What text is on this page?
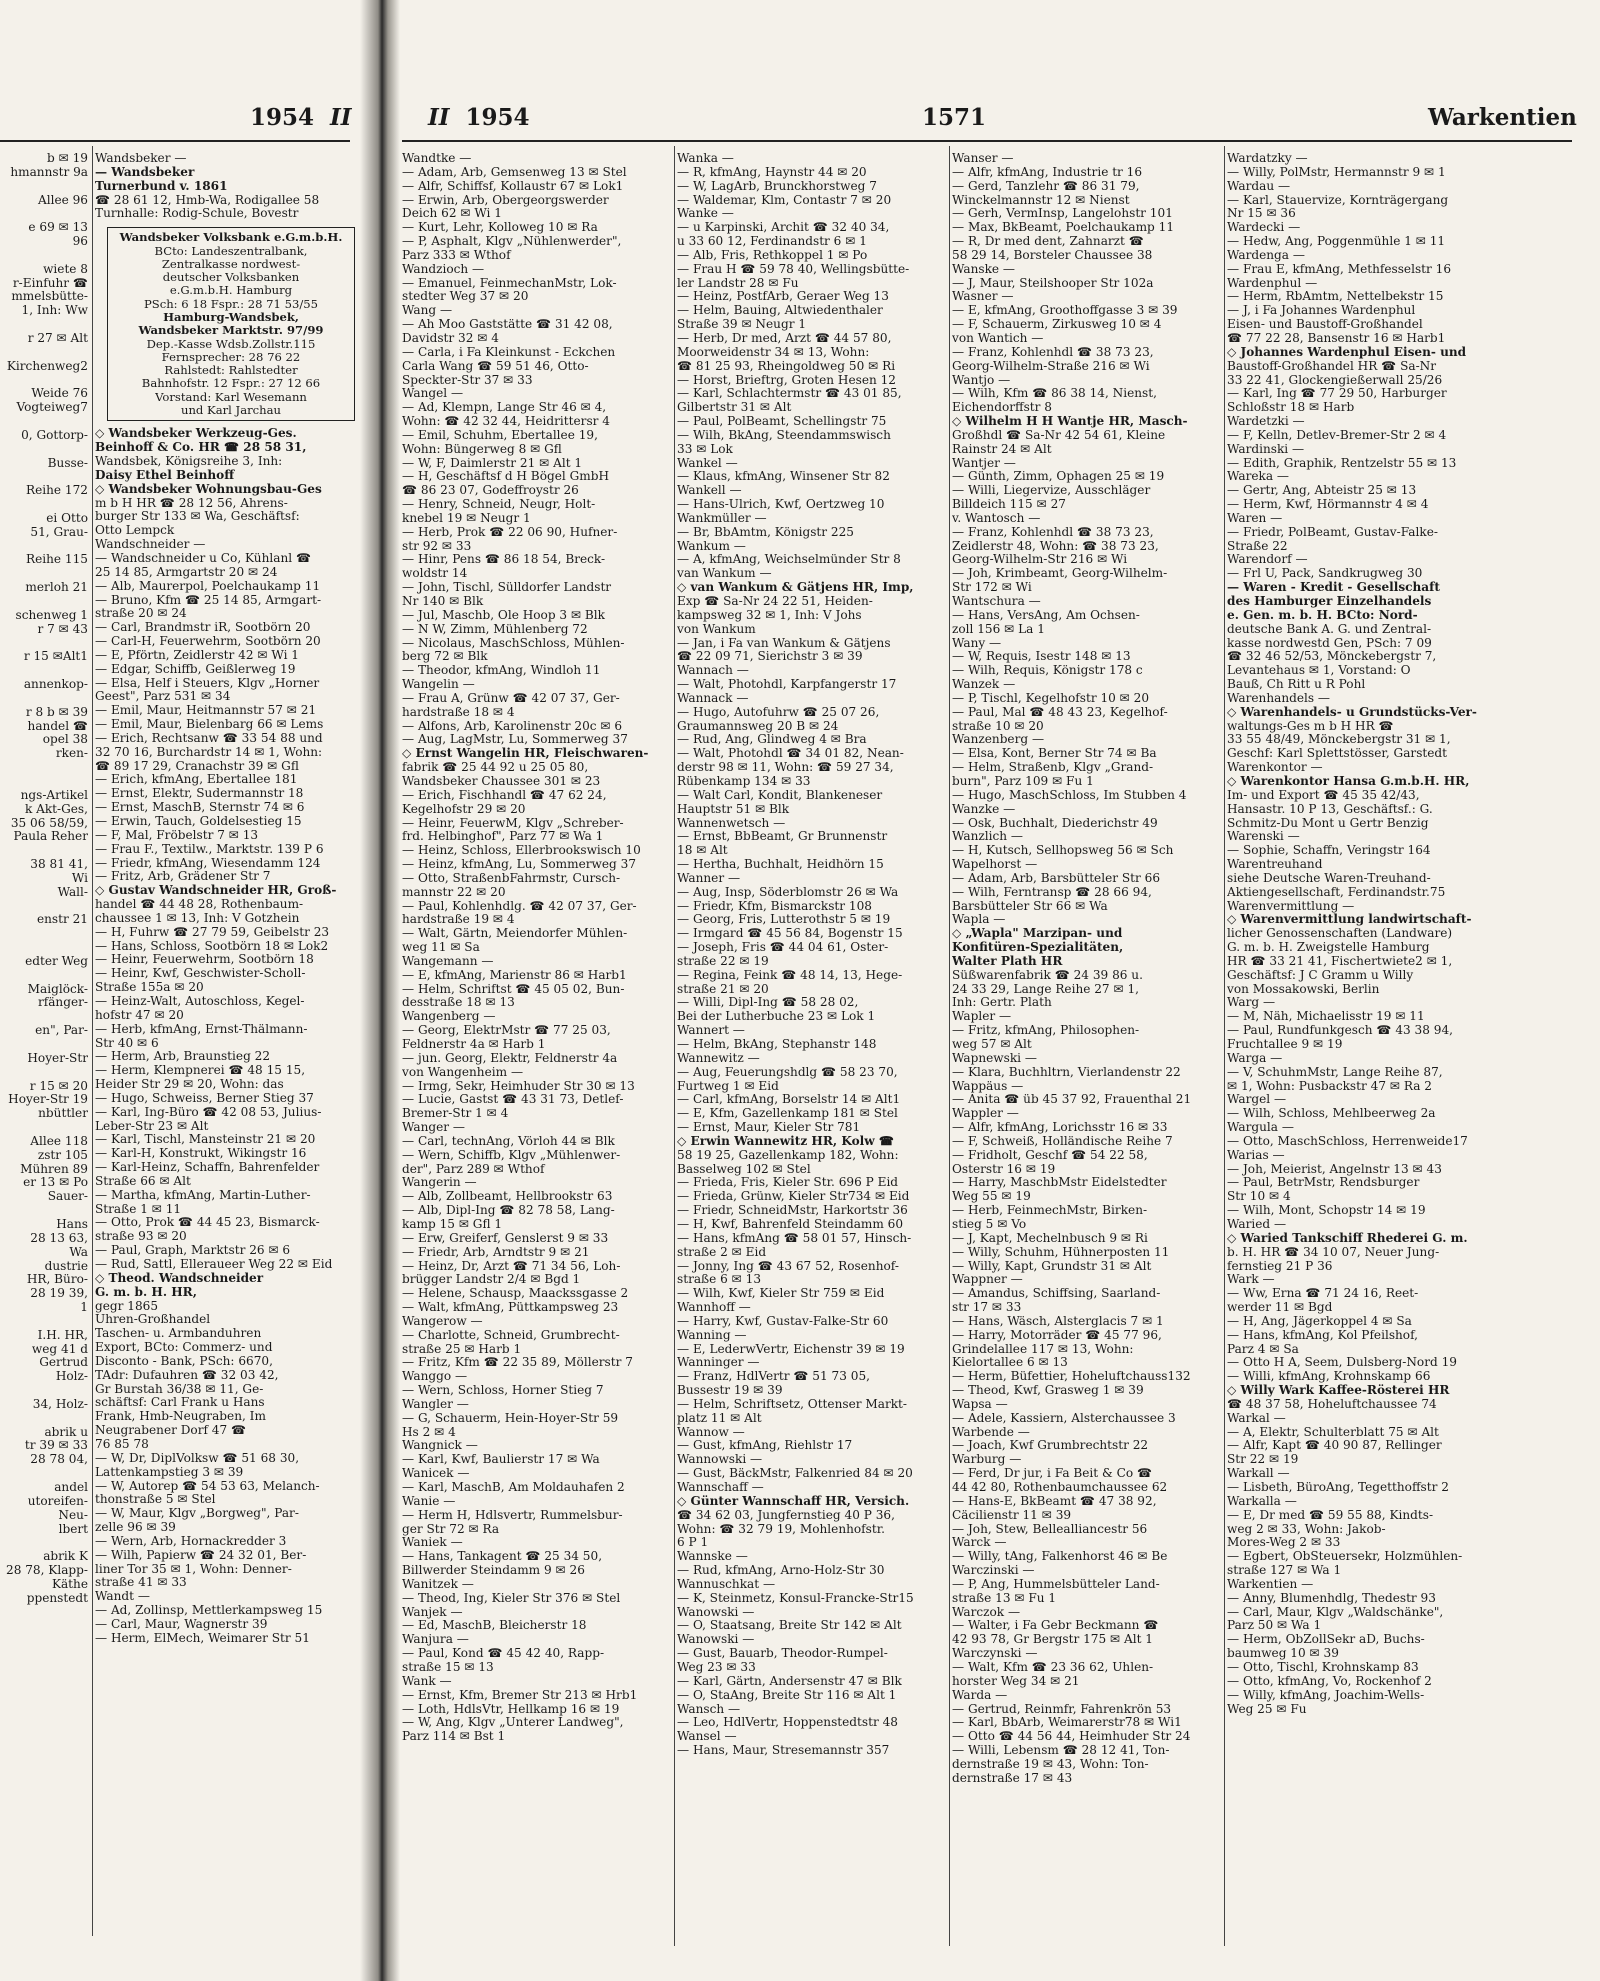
1954 II
b ✉ 19
hmannstr 9a

Allee 96

e 69 ✉ 13
96

wiete 8
r-Einfuhr ☎
mmelsbütte-
1, Inh: Ww

r 27 ✉ Alt

Kirchenweg2

Weide 76
Vogteiweg7

0, Gottorp-

Busse-

Reihe 172

ei Otto
51, Grau-

Reihe 115

merloh 21

schenweg 1
r 7 ✉ 43

r 15 ✉Alt1

annenkop-

r 8 b ✉ 39
handel ☎
opel 38
rken-

ngs-Artikel
k Akt-Ges,
35 06 58/59,
Paula Reher

38 81 41,
Wi
Wall-

enstr 21

edter Weg

Maiglöck-
rfänger-

en", Par-

Hoyer-Str

r 15 ✉ 20
Hoyer-Str 19
nbüttler

Allee 118
zstr 105
Mühren 89
er 13 ✉ Po
Sauer-

Hans
28 13 63,
Wa
dustrie
HR, Büro-
28 19 39,
1

I.H. HR,
weg 41 d
Gertrud
Holz-

34, Holz-

abrik u
tr 39 ✉ 33
28 78 04,

andel
utoreifen-
Neu-
lbert

abrik K
28 78, Klapp-
Käthe
ppenstedt
Wandsbeker —
— Wandsbeker
Turnerbund v. 1861
☎ 28 61 12, Hmb-Wa, Rodigallee 58
Turnhalle: Rodig-Schule, Bovestr
Wandsbeker Volksbank e.G.m.b.H.
BCto: Landeszentralbank,
Zentralkasse nordwest-
deutscher Volksbanken
e.G.m.b.H. Hamburg
PSch: 6 18 Fspr.: 28 71 53/55
Hamburg-Wandsbek,
Wandsbeker Marktstr. 97/99
Dep.-Kasse Wdsb.Zollstr.115
Fernsprecher: 28 76 22
Rahlstedt: Rahlstedter
Bahnhofstr. 12 Fspr.: 27 12 66
Vorstand: Karl Wesemann
und Karl Jarchau
◇ Wandsbeker Werkzeug-Ges.
Beinhoff & Co. HR ☎ 28 58 31,
Wandsbek, Königsreihe 3, Inh:
Daisy Ethel Beinhoff
◇ Wandsbeker Wohnungsbau-Ges
m b H HR ☎ 28 12 56, Ahrens-
burger Str 133 ✉ Wa, Geschäftsf:
Otto Lempck
Wandschneider —
— Wandschneider u Co, Kühlanl ☎
25 14 85, Armgartstr 20 ✉ 24
— Alb, Maurerpol, Poelchaukamp 11
— Bruno, Kfm ☎ 25 14 85, Armgart-
straße 20 ✉ 24
— Carl, Brandmstr iR, Sootbörn 20
— Carl-H, Feuerwehrm, Sootbörn 20
— E, Pförtn, Zeidlerstr 42 ✉ Wi 1
— Edgar, Schiffb, Geißlerweg 19
— Elsa, Helf i Steuers, Klgv „Horner
Geest", Parz 531 ✉ 34
— Emil, Maur, Heitmannstr 57 ✉ 21
— Emil, Maur, Bielenbarg 66 ✉ Lems
— Erich, Rechtsanw ☎ 33 54 88 und
32 70 16, Burchardstr 14 ✉ 1, Wohn:
☎ 89 17 29, Cranachstr 39 ✉ Gfl
— Erich, kfmAng, Ebertallee 181
— Ernst, Elektr, Sudermannstr 18
— Ernst, MaschB, Sternstr 74 ✉ 6
— Erwin, Tauch, Goldelsestieg 15
— F, Mal, Fröbelstr 7 ✉ 13
— Frau F., Textilw., Marktstr. 139 P 6
— Friedr, kfmAng, Wiesendamm 124
— Fritz, Arb, Grädener Str 7
◇ Gustav Wandschneider HR, Groß-
handel ☎ 44 48 28, Rothenbaum-
chaussee 1 ✉ 13, Inh: V Gotzhein
— H, Fuhrw ☎ 27 79 59, Geibelstr 23
— Hans, Schloss, Sootbörn 18 ✉ Lok2
— Heinr, Feuerwehrm, Sootbörn 18
— Heinr, Kwf, Geschwister-Scholl-
Straße 155a ✉ 20
— Heinz-Walt, Autoschloss, Kegel-
hofstr 47 ✉ 20
— Herb, kfmAng, Ernst-Thälmann-
Str 40 ✉ 6
— Herm, Arb, Braunstieg 22
— Herm, Klempnerei ☎ 48 15 15,
Heider Str 29 ✉ 20, Wohn: das
— Hugo, Schweiss, Berner Stieg 37
— Karl, Ing-Büro ☎ 42 08 53, Julius-
Leber-Str 23 ✉ Alt
— Karl, Tischl, Mansteinstr 21 ✉ 20
— Karl-H, Konstrukt, Wikingstr 16
— Karl-Heinz, Schaffn, Bahrenfelder
Straße 66 ✉ Alt
— Martha, kfmAng, Martin-Luther-
Straße 1 ✉ 11
— Otto, Prok ☎ 44 45 23, Bismarck-
straße 93 ✉ 20
— Paul, Graph, Marktstr 26 ✉ 6
— Rud, Sattl, Elleraueer Weg 22 ✉ Eid
◇ Theod. Wandschneider
G. m. b. H. HR,
gegr 1865
Uhren-Großhandel
Taschen- u. Armbanduhren
Export, BCto: Commerz- und
Disconto - Bank, PSch: 6670,
TAdr: Dufauhren ☎ 32 03 42,
Gr Burstah 36/38 ✉ 11, Ge-
schäftsf: Carl Frank u Hans
Frank, Hmb-Neugraben, Im
Neugrabener Dorf 47 ☎
76 85 78
— W, Dr, DiplVolksw ☎ 51 68 30,
Lattenkampstieg 3 ✉ 39
— W, Autorep ☎ 54 53 63, Melanch-
thonstraße 5 ✉ Stel
— W, Maur, Klgv „Borgweg", Par-
zelle 96 ✉ 39
— Wern, Arb, Hornackredder 3
— Wilh, Papierw ☎ 24 32 01, Ber-
liner Tor 35 ✉ 1, Wohn: Denner-
straße 41 ✉ 33
Wandt —
— Ad, Zollinsp, Mettlerkampsweg 15
— Carl, Maur, Wagnerstr 39
— Herm, ElMech, Weimarer Str 51
II 1954	1571	Warkentien
Wandtke —
— Adam, Arb, Gemsenweg 13 ✉ Stel
— Alfr, Schiffsf, Kollaustr 67 ✉ Lok1
— Erwin, Arb, Obergeorgswerder
Deich 62 ✉ Wi 1
— Kurt, Lehr, Kolloweg 10 ✉ Ra
— P, Asphalt, Klgv „Nühlenwerder",
Parz 333 ✉ Wthof
Wandzioch —
— Emanuel, FeinmechanMstr, Lok-
stedter Weg 37 ✉ 20
Wang —
— Ah Moo Gaststätte ☎ 31 42 08,
Davidstr 32 ✉ 4
— Carla, i Fa Kleinkunst - Eckchen
Carla Wang ☎ 59 51 46, Otto-
Speckter-Str 37 ✉ 33
Wangel —
— Ad, Klempn, Lange Str 46 ✉ 4,
Wohn: ☎ 42 32 44, Heidrittersr 4
— Emil, Schuhm, Ebertallee 19,
Wohn: Büngerweg 8 ✉ Gfl
— W, F, Daimlerstr 21 ✉ Alt 1
— H, Geschäftsf d H Bögel GmbH
☎ 86 23 07, Godeffroystr 26
— Henry, Schneid, Neugr, Holt-
knebel 19 ✉ Neugr 1
— Herb, Prok ☎ 22 06 90, Hufner-
str 92 ✉ 33
— Hinr, Pens ☎ 86 18 54, Breck-
woldstr 14
— John, Tischl, Sülldorfer Landstr
Nr 140 ✉ Blk
— Jul, Maschb, Ole Hoop 3 ✉ Blk
— N W, Zimm, Mühlenberg 72
— Nicolaus, MaschSchloss, Mühlen-
berg 72 ✉ Blk
— Theodor, kfmAng, Windloh 11
Wangelin —
— Frau A, Grünw ☎ 42 07 37, Ger-
hardstraße 18 ✉ 4
— Alfons, Arb, Karolinenstr 20c ✉ 6
— Aug, LagMstr, Lu, Sommerweg 37
◇ Ernst Wangelin HR, Fleischwaren-
fabrik ☎ 25 44 92 u 25 05 80,
Wandsbeker Chaussee 301 ✉ 23
— Erich, Fischhandl ☎ 47 62 24,
Kegelhofstr 29 ✉ 20
— Heinr, FeuerwM, Klgv „Schreber-
frd. Helbinghof", Parz 77 ✉ Wa 1
— Heinz, Schloss, Ellerbrookswisch 10
— Heinz, kfmAng, Lu, Sommerweg 37
— Otto, StraßenbFahrmstr, Cursch-
mannstr 22 ✉ 20
— Paul, Kohlenhdlg. ☎ 42 07 37, Ger-
hardstraße 19 ✉ 4
— Walt, Gärtn, Meiendorfer Mühlen-
weg 11 ✉ Sa
Wangemann —
— E, kfmAng, Marienstr 86 ✉ Harb1
— Helm, Schriftst ☎ 45 05 02, Bun-
desstraße 18 ✉ 13
Wangenberg —
— Georg, ElektrMstr ☎ 77 25 03,
Feldnerstr 4a ✉ Harb 1
— jun. Georg, Elektr, Feldnerstr 4a
von Wangenheim —
— Irmg, Sekr, Heimhuder Str 30 ✉ 13
— Lucie, Gastst ☎ 43 31 73, Detlef-
Bremer-Str 1 ✉ 4
Wanger —
— Carl, technAng, Vörloh 44 ✉ Blk
— Wern, Schiffb, Klgv „Mühlenwer-
der", Parz 289 ✉ Wthof
Wangerin —
— Alb, Zollbeamt, Hellbrookstr 63
— Alb, Dipl-Ing ☎ 82 78 58, Lang-
kamp 15 ✉ Gfl 1
— Erw, Greiferf, Genslerst 9 ✉ 33
— Friedr, Arb, Arndtstr 9 ✉ 21
— Heinz, Dr, Arzt ☎ 71 34 56, Loh-
brügger Landstr 2/4 ✉ Bgd 1
— Helene, Schausp, Maackssgasse 2
— Walt, kfmAng, Püttkampsweg 23
Wangerow —
— Charlotte, Schneid, Grumbrecht-
straße 25 ✉ Harb 1
— Fritz, Kfm ☎ 22 35 89, Möllerstr 7
Wanggo —
— Wern, Schloss, Horner Stieg 7
Wangler —
— G, Schauerm, Hein-Hoyer-Str 59
Hs 2 ✉ 4
Wangnick —
— Karl, Kwf, Baulierstr 17 ✉ Wa
Wanicek —
— Karl, MaschB, Am Moldauhafen 2
Wanie —
— Herm H, Hdlsvertr, Rummelsbur-
ger Str 72 ✉ Ra
Waniek —
— Hans, Tankagent ☎ 25 34 50,
Billwerder Steindamm 9 ✉ 26
Wanitzek —
— Theod, Ing, Kieler Str 376 ✉ Stel
Wanjek —
— Ed, MaschB, Bleicherstr 18
Wanjura —
— Paul, Kond ☎ 45 42 40, Rapp-
straße 15 ✉ 13
Wank —
— Ernst, Kfm, Bremer Str 213 ✉ Hrb1
— Loth, HdlsVtr, Hellkamp 16 ✉ 19
— W, Ang, Klgv „Unterer Landweg",
Parz 114 ✉ Bst 1
Wanka —
— R, kfmAng, Haynstr 44 ✉ 20
— W, LagArb, Brunckhorstweg 7
— Waldemar, Klm, Contastr 7 ✉ 20
Wanke —
— u Karpinski, Archit ☎ 32 40 34,
u 33 60 12, Ferdinandstr 6 ✉ 1
— Alb, Fris, Rethkoppel 1 ✉ Po
— Frau H ☎ 59 78 40, Wellingsbütte-
ler Landstr 28 ✉ Fu
— Heinz, PostfArb, Geraer Weg 13
— Helm, Bauing, Altwiedenthaler
Straße 39 ✉ Neugr 1
— Herb, Dr med, Arzt ☎ 44 57 80,
Moorweidenstr 34 ✉ 13, Wohn:
☎ 81 25 93, Rheingoldweg 50 ✉ Ri
— Horst, Brieftrg, Groten Hesen 12
— Karl, Schlachtermstr ☎ 43 01 85,
Gilbertstr 31 ✉ Alt
— Paul, PolBeamt, Schellingstr 75
— Wilh, BkAng, Steendammswisch
33 ✉ Lok
Wankel —
— Klaus, kfmAng, Winsener Str 82
Wankell —
— Hans-Ulrich, Kwf, Oertzweg 10
Wankmüller —
— Br, BbAmtm, Königstr 225
Wankum —
— A, kfmAng, Weichselmünder Str 8
van Wankum —
◇ van Wankum & Gätjens HR, Imp,
Exp ☎ Sa-Nr 24 22 51, Heiden-
kampsweg 32 ✉ 1, Inh: V Johs
von Wankum
— Jan, i Fa van Wankum & Gätjens
☎ 22 09 71, Sierichstr 3 ✉ 39
Wannach —
— Walt, Photohdl, Karpfangerstr 17
Wannack —
— Hugo, Autofuhrw ☎ 25 07 26,
Graumannsweg 20 B ✉ 24
— Rud, Ang, Glindweg 4 ✉ Bra
— Walt, Photohdl ☎ 34 01 82, Nean-
derstr 98 ✉ 11, Wohn: ☎ 59 27 34,
Rübenkamp 134 ✉ 33
— Walt Carl, Kondit, Blankeneser
Hauptstr 51 ✉ Blk
Wannenwetsch —
— Ernst, BbBeamt, Gr Brunnenstr
18 ✉ Alt
— Hertha, Buchhalt, Heidhörn 15
Wanner —
— Aug, Insp, Söderblomstr 26 ✉ Wa
— Friedr, Kfm, Bismarckstr 108
— Georg, Fris, Lutterothstr 5 ✉ 19
— Irmgard ☎ 45 56 84, Bogenstr 15
— Joseph, Fris ☎ 44 04 61, Oster-
straße 22 ✉ 19
— Regina, Feink ☎ 48 14, 13, Hege-
straße 21 ✉ 20
— Willi, Dipl-Ing ☎ 58 28 02,
Bei der Lutherbuche 23 ✉ Lok 1
Wannert —
— Helm, BkAng, Stephanstr 148
Wannewitz —
— Aug, Feuerungshdlg ☎ 58 23 70,
Furtweg 1 ✉ Eid
— Carl, kfmAng, Borselstr 14 ✉ Alt1
— E, Kfm, Gazellenkamp 181 ✉ Stel
— Ernst, Maur, Kieler Str 781
◇ Erwin Wannewitz HR, Kolw ☎
58 19 25, Gazellenkamp 182, Wohn:
Basselweg 102 ✉ Stel
— Frieda, Fris, Kieler Str. 696 P Eid
— Frieda, Grünw, Kieler Str734 ✉ Eid
— Friedr, SchneidMstr, Harkortstr 36
— H, Kwf, Bahrenfeld Steindamm 60
— Hans, kfmAng ☎ 58 01 57, Hinsch-
straße 2 ✉ Eid
— Jonny, Ing ☎ 43 67 52, Rosenhof-
straße 6 ✉ 13
— Wilh, Kwf, Kieler Str 759 ✉ Eid
Wannhoff —
— Harry, Kwf, Gustav-Falke-Str 60
Wanning —
— E, LederwVertr, Eichenstr 39 ✉ 19
Wanninger —
— Franz, HdlVertr ☎ 51 73 05,
Bussestr 19 ✉ 39
— Helm, Schriftsetz, Ottenser Markt-
platz 11 ✉ Alt
Wannow —
— Gust, kfmAng, Riehlstr 17
Wannowski —
— Gust, BäckMstr, Falkenried 84 ✉ 20
Wannschaff —
◇ Günter Wannschaff HR, Versich.
☎ 34 62 03, Jungfernstieg 40 P 36,
Wohn: ☎ 32 79 19, Mohlenhofstr.
6 P 1
Wannske —
— Rud, kfmAng, Arno-Holz-Str 30
Wannuschkat —
— K, Steinmetz, Konsul-Francke-Str15
Wanowski —
— O, Staatsang, Breite Str 142 ✉ Alt
Wanowski —
— Gust, Bauarb, Theodor-Rumpel-
Weg 23 ✉ 33
— Karl, Gärtn, Andersenstr 47 ✉ Blk
— O, StaAng, Breite Str 116 ✉ Alt 1
Wansch —
— Leo, HdlVertr, Hoppenstedtstr 48
Wansel —
— Hans, Maur, Stresemannstr 357
Wanser —
— Alfr, kfmAng, Industrie tr 16
— Gerd, Tanzlehr ☎ 86 31 79,
Winckelmannstr 12 ✉ Nienst
— Gerh, VermInsp, Langelohstr 101
— Max, BkBeamt, Poelchaukamp 11
— R, Dr med dent, Zahnarzt ☎
58 29 14, Borsteler Chaussee 38
Wanske —
— J, Maur, Steilshooper Str 102a
Wasner —
— E, kfmAng, Groothoffgasse 3 ✉ 39
— F, Schauerm, Zirkusweg 10 ✉ 4
von Wantich —
— Franz, Kohlenhdl ☎ 38 73 23,
Georg-Wilhelm-Straße 216 ✉ Wi
Wantjo —
— Wilh, Kfm ☎ 86 38 14, Nienst,
Eichendorffstr 8
◇ Wilhelm H H Wantje HR, Masch-
Großhdl ☎ Sa-Nr 42 54 61, Kleine
Rainstr 24 ✉ Alt
Wantjer —
— Günth, Zimm, Ophagen 25 ✉ 19
— Willi, Liegervize, Ausschläger
Billdeich 115 ✉ 27
v. Wantosch —
— Franz, Kohlenhdl ☎ 38 73 23,
Zeidlerstr 48, Wohn: ☎ 38 73 23,
Georg-Wilhelm-Str 216 ✉ Wi
— Joh, Krimbeamt, Georg-Wilhelm-
Str 172 ✉ Wi
Wantschura —
— Hans, VersAng, Am Ochsen-
zoll 156 ✉ La 1
Wany —
— W, Requis, Isestr 148 ✉ 13
— Wilh, Requis, Königstr 178 c
Wanzek —
— P, Tischl, Kegelhofstr 10 ✉ 20
— Paul, Mal ☎ 48 43 23, Kegelhof-
straße 10 ✉ 20
Wanzenberg —
— Elsa, Kont, Berner Str 74 ✉ Ba
— Helm, Straßenb, Klgv „Grand-
burn", Parz 109 ✉ Fu 1
— Hugo, MaschSchloss, Im Stubben 4
Wanzke —
— Osk, Buchhalt, Diederichstr 49
Wanzlich —
— H, Kutsch, Sellhopsweg 56 ✉ Sch
Wapelhorst —
— Adam, Arb, Barsbütteler Str 66
— Wilh, Ferntransp ☎ 28 66 94,
Barsbütteler Str 66 ✉ Wa
Wapla —
◇ „Wapla" Marzipan- und
Konfitüren-Spezialitäten,
Walter Plath HR
Süßwarenfabrik ☎ 24 39 86 u.
24 33 29, Lange Reihe 27 ✉ 1,
Inh: Gertr. Plath
Wapler —
— Fritz, kfmAng, Philosophen-
weg 57 ✉ Alt
Wapnewski —
— Klara, Buchhltrn, Vierlandenstr 22
Wappäus —
— Anita ☎ üb 45 37 92, Frauenthal 21
Wappler —
— Alfr, kfmAng, Lorichsstr 16 ✉ 33
— F, Schweiß, Holländische Reihe 7
— Fridholt, Geschf ☎ 54 22 58,
Osterstr 16 ✉ 19
— Harry, MaschbMstr Eidelstedter
Weg 55 ✉ 19
— Herb, FeinmechMstr, Birken-
stieg 5 ✉ Vo
— J, Kapt, Mechelnbusch 9 ✉ Ri
— Willy, Schuhm, Hühnerposten 11
— Willy, Kapt, Grundstr 31 ✉ Alt
Wappner —
— Amandus, Schiffsing, Saarland-
str 17 ✉ 33
— Hans, Wäsch, Alsterglacis 7 ✉ 1
— Harry, Motorräder ☎ 45 77 96,
Grindelallee 117 ✉ 13, Wohn:
Kielortallee 6 ✉ 13
— Herm, Büfettier, Hoheluftchauss132
— Theod, Kwf, Grasweg 1 ✉ 39
Wapsa —
— Adele, Kassiern, Alsterchaussee 3
Warbende —
— Joach, Kwf Grumbrechtstr 22
Warburg —
— Ferd, Dr jur, i Fa Beit & Co ☎
44 42 80, Rothenbaumchaussee 62
— Hans-E, BkBeamt ☎ 47 38 92,
Cäcilienstr 11 ✉ 39
— Joh, Stew, Bellealliancestr 56
Warck —
— Willy, tAng, Falkenhorst 46 ✉ Be
Warczinski —
— P, Ang, Hummelsbütteler Land-
straße 13 ✉ Fu 1
Warczok —
— Walter, i Fa Gebr Beckmann ☎
42 93 78, Gr Bergstr 175 ✉ Alt 1
Warczynski —
— Walt, Kfm ☎ 23 36 62, Uhlen-
horster Weg 34 ✉ 21
Warda —
— Gertrud, Reinmfr, Fahrenkrön 53
— Karl, BbArb, Weimarerstr78 ✉ Wi1
— Otto ☎ 44 56 44, Heimhuder Str 24
— Willi, Lebensm ☎ 28 12 41, Ton-
dernstraße 19 ✉ 43, Wohn: Ton-
dernstraße 17 ✉ 43
Wardatzky —
— Willy, PolMstr, Hermannstr 9 ✉ 1
Wardau —
— Karl, Stauervize, Kornträgergang
Nr 15 ✉ 36
Wardecki —
— Hedw, Ang, Poggenmühle 1 ✉ 11
Wardenga —
— Frau E, kfmAng, Methfesselstr 16
Wardenphul —
— Herm, RbAmtm, Nettelbekstr 15
— J, i Fa Johannes Wardenphul
Eisen- und Baustoff-Großhandel
☎ 77 22 28, Bansenstr 16 ✉ Harb1
◇ Johannes Wardenphul Eisen- und
Baustoff-Großhandel HR ☎ Sa-Nr
33 22 41, Glockengießerwall 25/26
— Karl, Ing ☎ 77 29 50, Harburger
Schloßstr 18 ✉ Harb
Wardetzki —
— F, Kelln, Detlev-Bremer-Str 2 ✉ 4
Wardinski —
— Edith, Graphik, Rentzelstr 55 ✉ 13
Wareka —
— Gertr, Ang, Abteistr 25 ✉ 13
— Herm, Kwf, Hörmannstr 4 ✉ 4
Waren —
— Friedr, PolBeamt, Gustav-Falke-
Straße 22
Warendorf —
— Frl U, Pack, Sandkrugweg 30
— Waren - Kredit - Gesellschaft
des Hamburger Einzelhandels
e. Gen. m. b. H. BCto: Nord-
deutsche Bank A. G. und Zentral-
kasse nordwestd Gen, PSch: 7 09
☎ 32 46 52/53, Mönckebergstr 7,
Levantehaus ✉ 1, Vorstand: O
Bauß, Ch Ritt u R Pohl
Warenhandels —
◇ Warenhandels- u Grundstücks-Ver-
waltungs-Ges m b H HR ☎
33 55 48/49, Mönckebergstr 31 ✉ 1,
Geschf: Karl Splettstösser, Garstedt
Warenkontor —
◇ Warenkontor Hansa G.m.b.H. HR,
Im- und Export ☎ 45 35 42/43,
Hansastr. 10 P 13, Geschäftsf.: G.
Schmitz-Du Mont u Gertr Benzig
Warenski —
— Sophie, Schaffn, Veringstr 164
Warentreuhand
siehe Deutsche Waren-Treuhand-
Aktiengesellschaft, Ferdinandstr.75
Warenvermittlung —
◇ Warenvermittlung landwirtschaft-
licher Genossenschaften (Landware)
G. m. b. H. Zweigstelle Hamburg
HR ☎ 33 21 41, Fischertwiete2 ✉ 1,
Geschäftsf: J C Gramm u Willy
von Mossakowski, Berlin
Warg —
— M, Näh, Michaelisstr 19 ✉ 11
— Paul, Rundfunkgesch ☎ 43 38 94,
Fruchtallee 9 ✉ 19
Warga —
— V, SchuhmMstr, Lange Reihe 87,
✉ 1, Wohn: Pusbackstr 47 ✉ Ra 2
Wargel —
— Wilh, Schloss, Mehlbeerweg 2a
Wargula —
— Otto, MaschSchloss, Herrenweide17
Warias —
— Joh, Meierist, Angelnstr 13 ✉ 43
— Paul, BetrMstr, Rendsburger
Str 10 ✉ 4
— Wilh, Mont, Schopstr 14 ✉ 19
Waried —
◇ Waried Tankschiff Rhederei G. m.
b. H. HR ☎ 34 10 07, Neuer Jung-
fernstieg 21 P 36
Wark —
— Ww, Erna ☎ 71 24 16, Reet-
werder 11 ✉ Bgd
— H, Ang, Jägerkoppel 4 ✉ Sa
— Hans, kfmAng, Kol Pfeilshof,
Parz 4 ✉ Sa
— Otto H A, Seem, Dulsberg-Nord 19
— Willi, kfmAng, Krohnskamp 66
◇ Willy Wark Kaffee-Rösterei HR
☎ 48 37 58, Hoheluftchaussee 74
Warkal —
— A, Elektr, Schulterblatt 75 ✉ Alt
— Alfr, Kapt ☎ 40 90 87, Rellinger
Str 22 ✉ 19
Warkall —
— Lisbeth, BüroAng, Tegetthoffstr 2
Warkalla —
— E, Dr med ☎ 59 55 88, Kindts-
weg 2 ✉ 33, Wohn: Jakob-
Mores-Weg 2 ✉ 33
— Egbert, ObSteuersekr, Holzmühlen-
straße 127 ✉ Wa 1
Warkentien —
— Anny, Blumenhdlg, Thedestr 93
— Carl, Maur, Klgv „Waldschänke",
Parz 50 ✉ Wa 1
— Herm, ObZollSekr aD, Buchs-
baumweg 10 ✉ 39
— Otto, Tischl, Krohnskamp 83
— Otto, kfmAng, Vo, Rockenhof 2
— Willy, kfmAng, Joachim-Wells-
Weg 25 ✉ Fu
